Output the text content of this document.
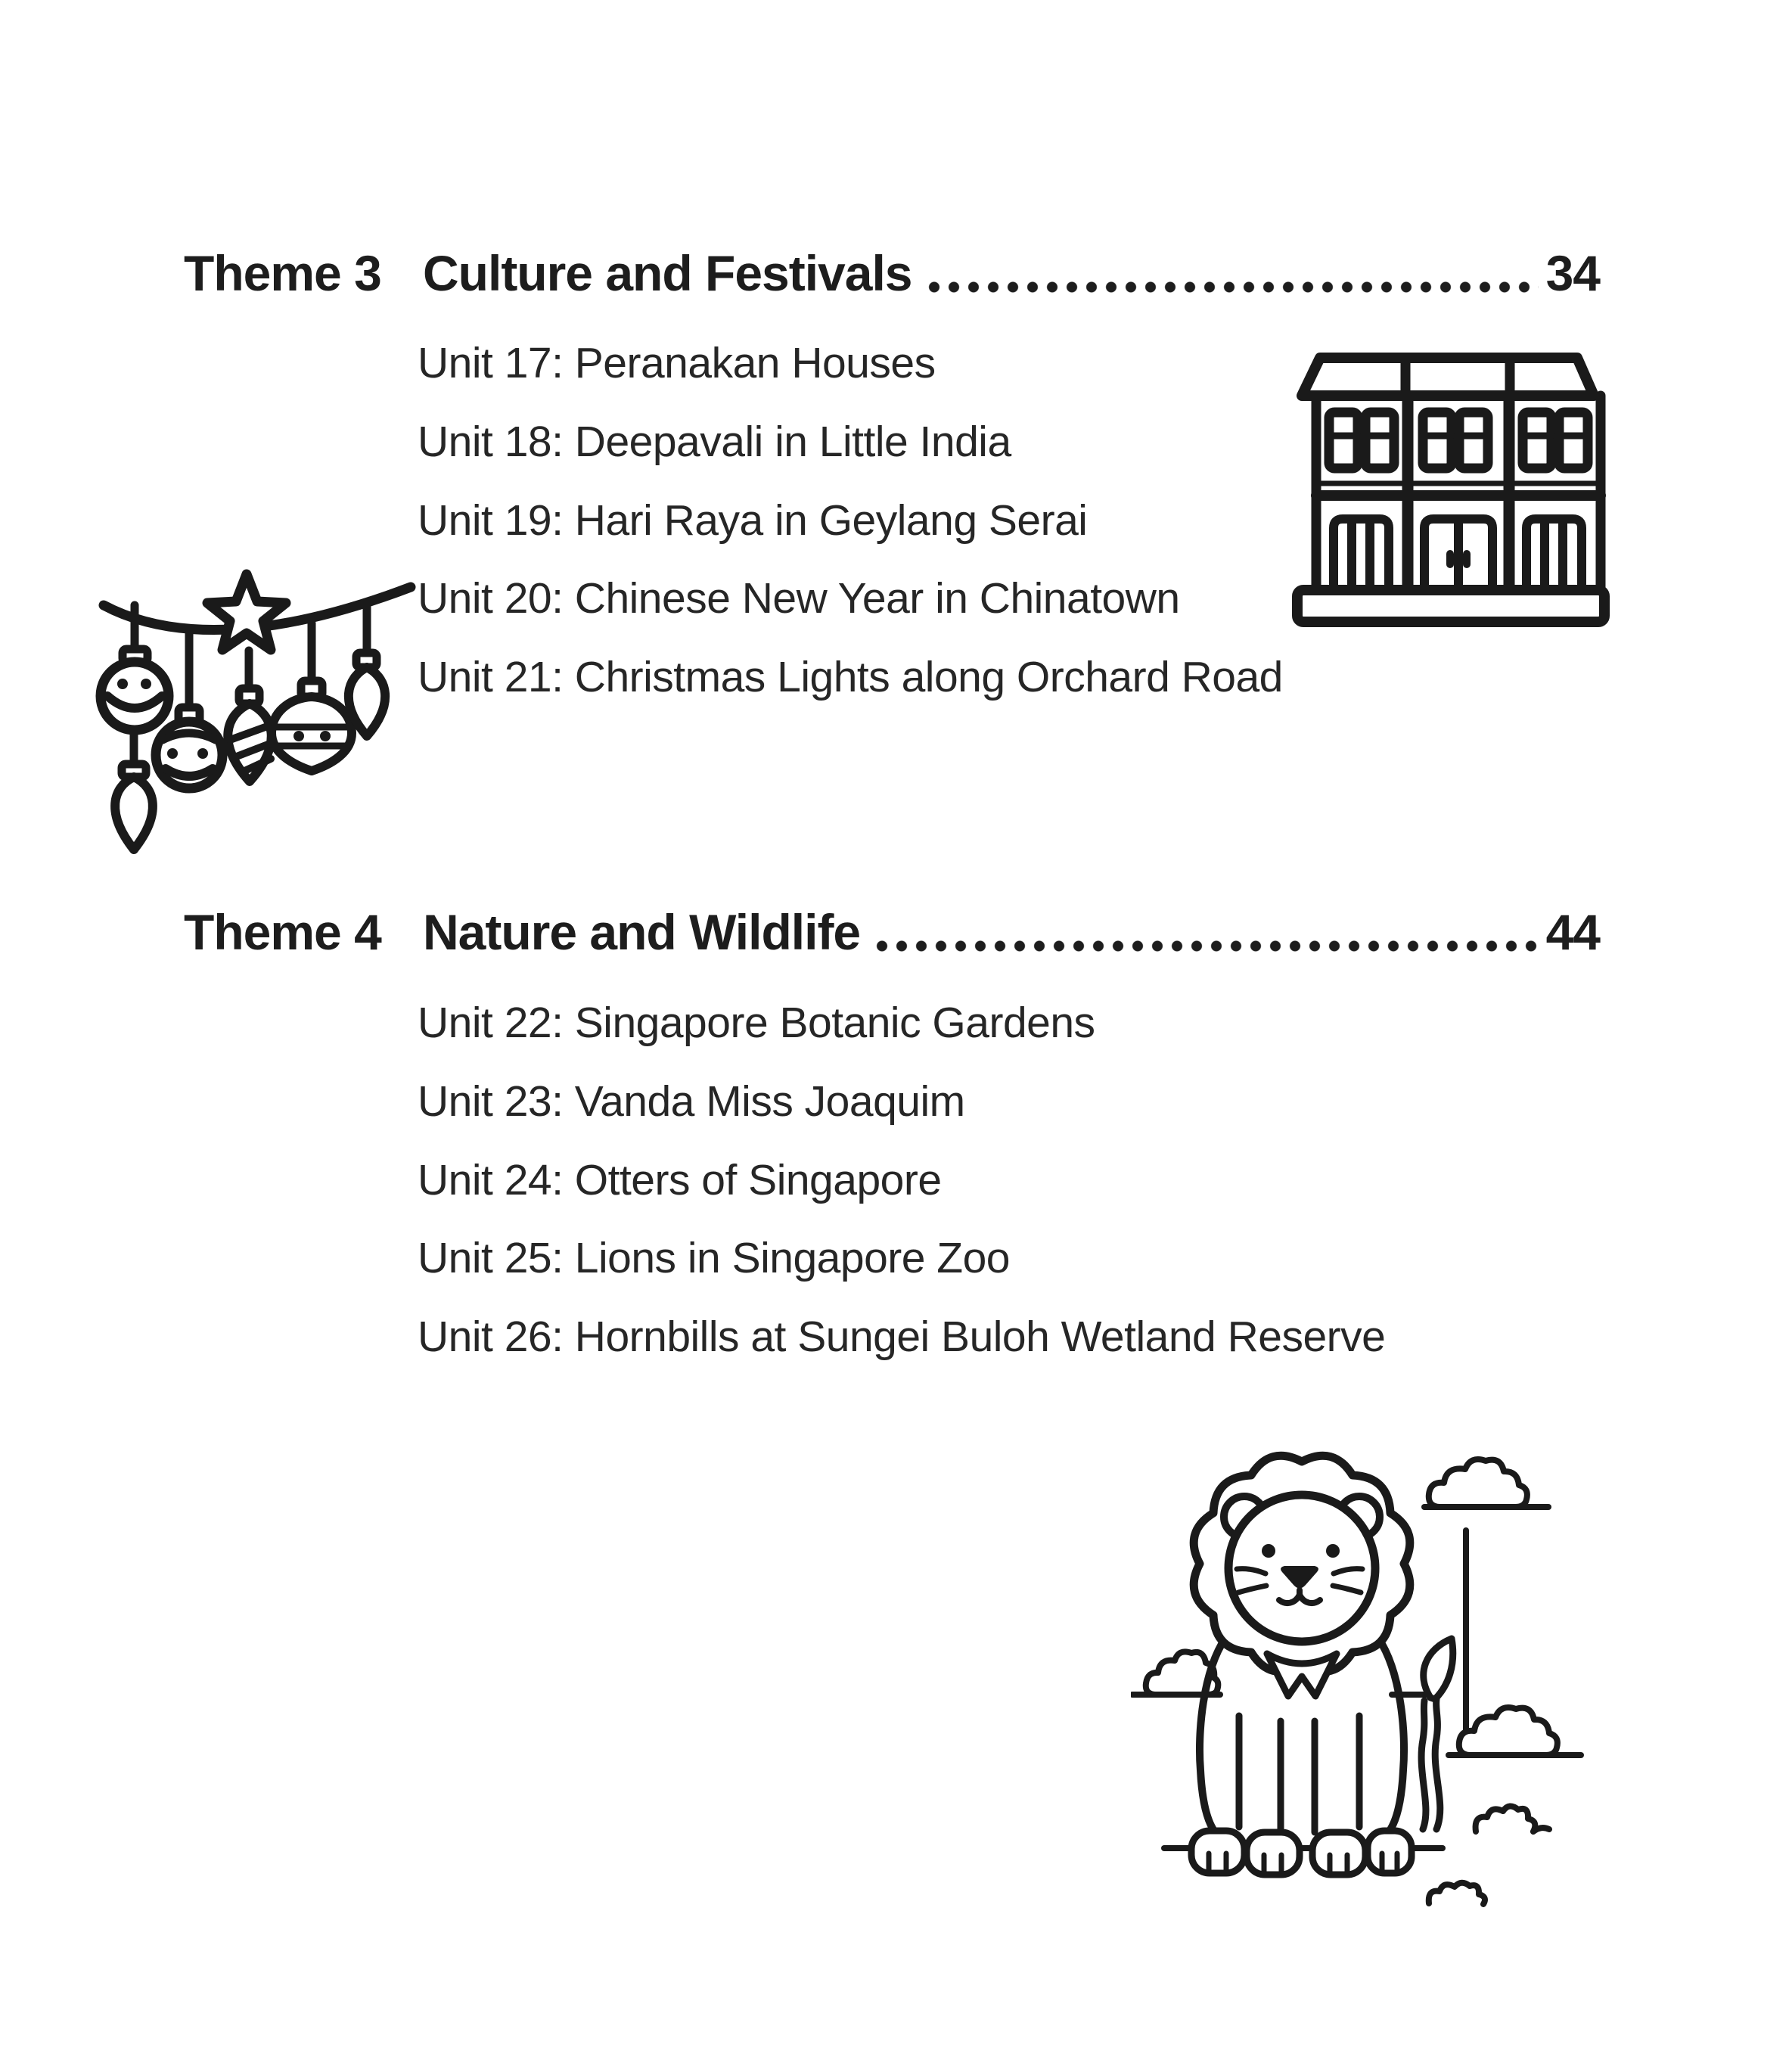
Theme 3 Culture and Festivals	34
Unit 17: Peranakan Houses
Unit 18: Deepavali in Little India
Unit 19: Hari Raya in Geylang Serai
Unit 20: Chinese New Year in Chinatown
Unit 21: Christmas Lights along Orchard Road
Theme 4 Nature and Wildlife	44
Unit 22: Singapore Botanic Gardens
Unit 23: Vanda Miss Joaquim
Unit 24: Otters of Singapore
Unit 25: Lions in Singapore Zoo
Unit 26: Hornbills at Sungei Buloh Wetland Reserve
